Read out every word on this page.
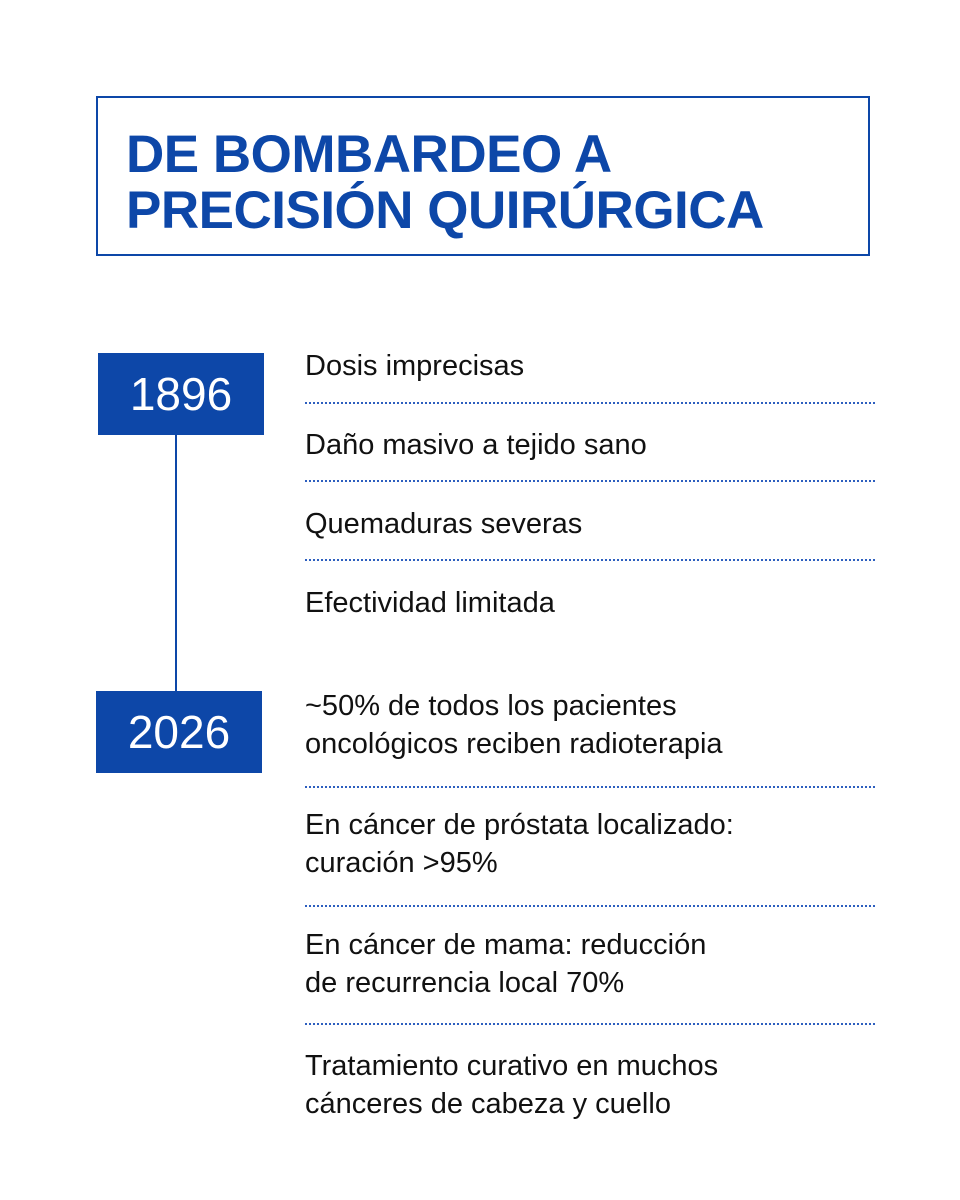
DE BOMBARDEO A
PRECISIÓN QUIRÚRGICA
1896
2026
Dosis imprecisas
Daño masivo a tejido sano
Quemaduras severas
Efectividad limitada
~50% de todos los pacientes
oncológicos reciben radioterapia
En cáncer de próstata localizado:
curación >95%
En cáncer de mama: reducción
de recurrencia local 70%
Tratamiento curativo en muchos
cánceres de cabeza y cuello
